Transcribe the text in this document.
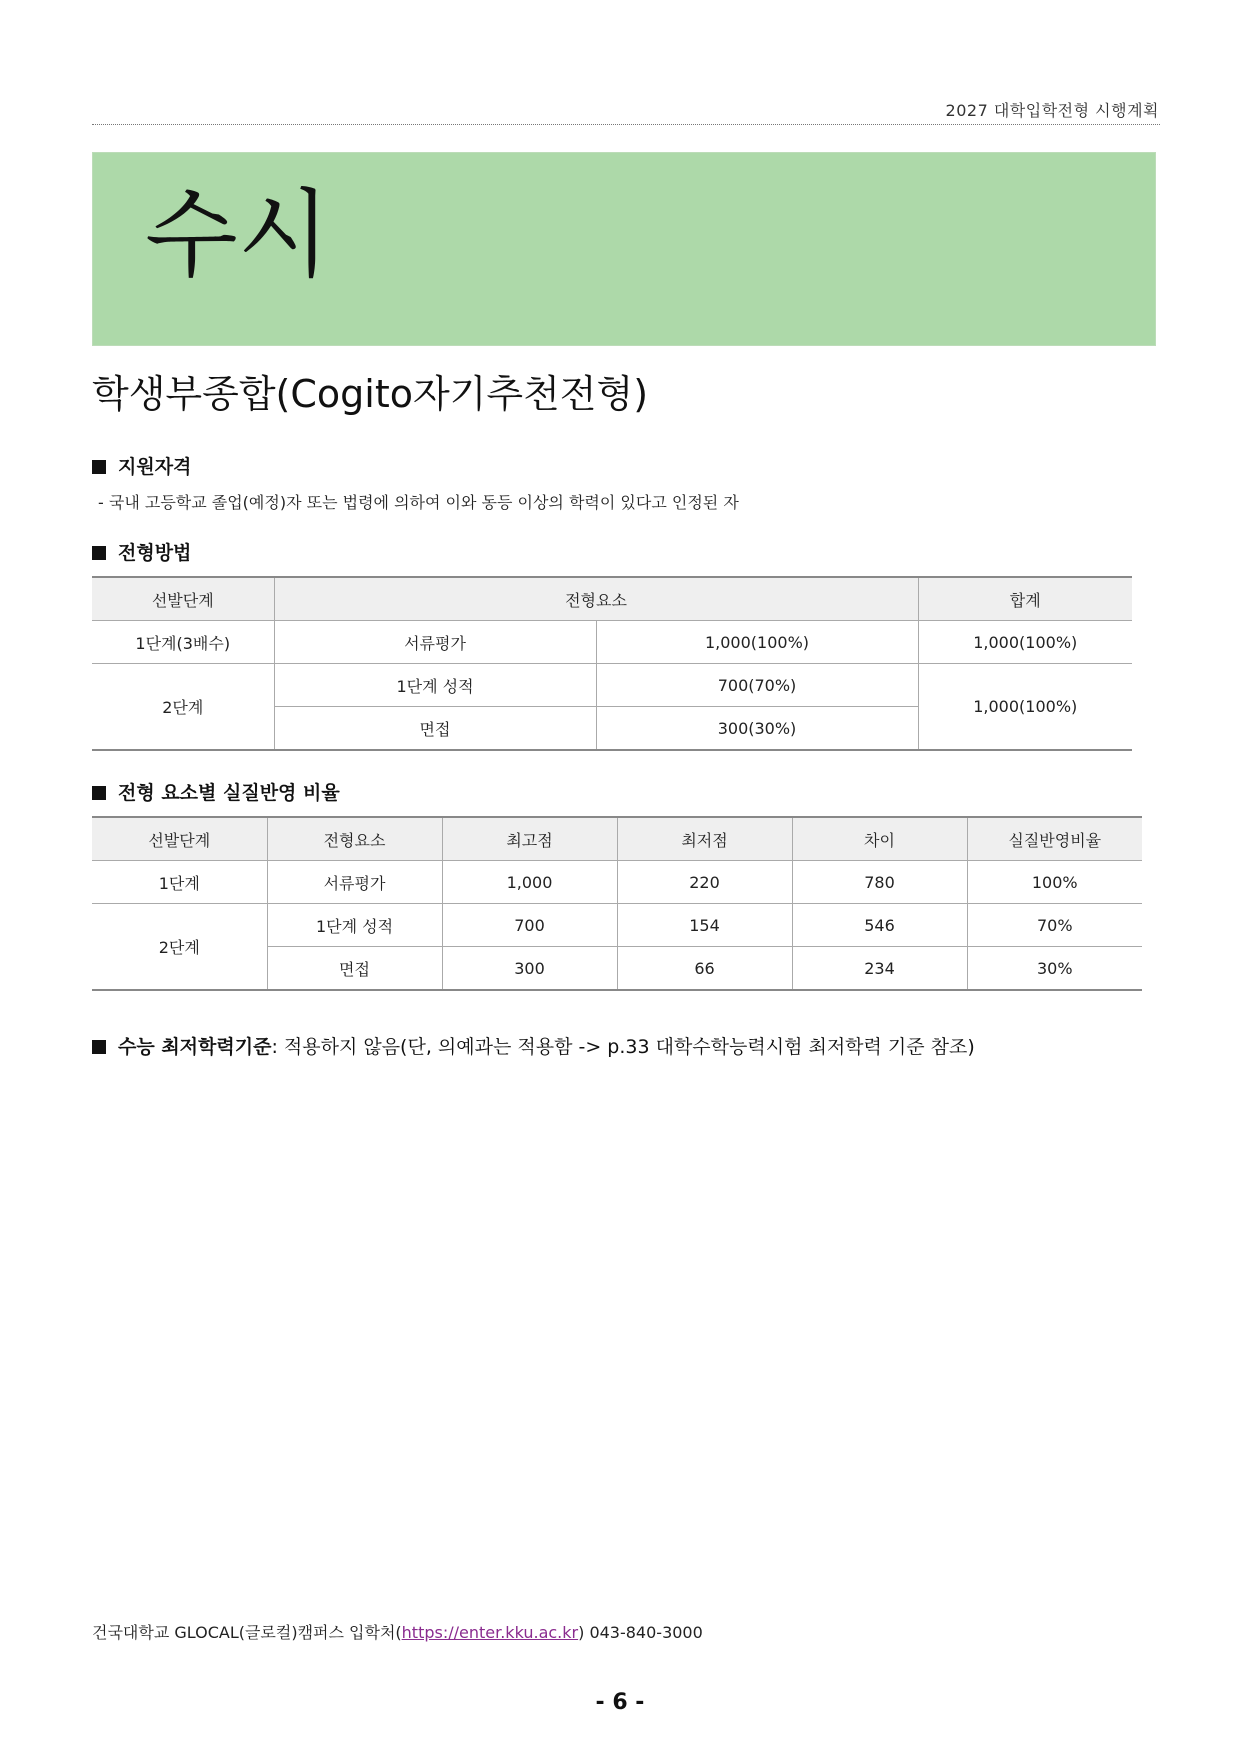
2027 대학입학전형 시행계획
수시
학생부종합(Cogito자기추천전형)
지원자격
- 국내 고등학교 졸업(예정)자 또는 법령에 의하여 이와 동등 이상의 학력이 있다고 인정된 자
전형방법
선발단계	전형요소		합계
1단계(3배수)	서류평가	1,000(100%)	1,000(100%)
2단계	1단계 성적	700(70%)	1,000(100%)
	면접	300(30%)	
전형 요소별 실질반영 비율
선발단계	전형요소	최고점	최저점	차이	실질반영비율
1단계	서류평가	1,000	220	780	100%
2단계	1단계 성적	700	154	546	70%
	면접	300	66	234	30%
수능 최저학력기준: 적용하지 않음(단, 의예과는 적용함 -> p.33 대학수학능력시험 최저학력 기준 참조)
건국대학교 GLOCAL(글로컬)캠퍼스 입학처(https://enter.kku.ac.kr) 043-840-3000
- 6 -
